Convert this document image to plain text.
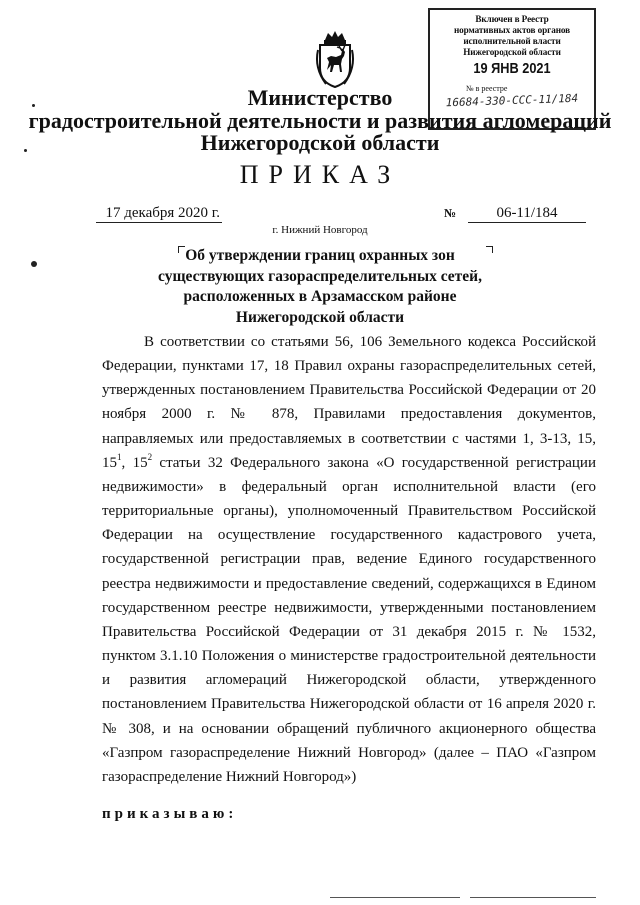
Включен в Реестр
нормативных актов органов
исполнительной власти
Нижегородской области
19 ЯНВ 2021
№ в реестре
16684-330-ССС-11/184
Министерство
градостроительной деятельности и развития агломераций
Нижегородской области
ПРИКАЗ
17 декабря 2020 г.	№	06-11/184
г. Нижний Новгород
Об утверждении границ охранных зон
существующих газораспределительных сетей,
расположенных в Арзамасском районе
Нижегородской области
В соответствии со статьями 56, 106 Земельного кодекса Российской Федерации, пунктами 17, 18 Правил охраны газораспределительных сетей, утвержденных постановлением Правительства Российской Федерации от 20 ноября 2000 г. № 878, Правилами предоставления документов, направляемых или предоставляемых в соответствии с частями 1, 3-13, 15, $15^1$, $15^2$ статьи 32 Федерального закона «О государственной регистрации недвижимости» в федеральный орган исполнительной власти (его территориальные органы), уполномоченный Правительством Российской Федерации на осуществление государственного кадастрового учета, государственной регистрации прав, ведение Единого государственного реестра недвижимости и предоставление сведений, содержащихся в Едином государственном реестре недвижимости, утвержденными постановлением Правительства Российской Федерации от 31 декабря 2015 г. № 1532, пунктом 3.1.10 Положения о министерстве градостроительной деятельности и развития агломераций Нижегородской области, утвержденного постановлением Правительства Нижегородской области от 16 апреля 2020 г. № 308, и на основании обращений публичного акционерного общества «Газпром газораспределение Нижний Новгород» (далее – ПАО «Газпром газораспределение Нижний Новгород»)
приказываю:
